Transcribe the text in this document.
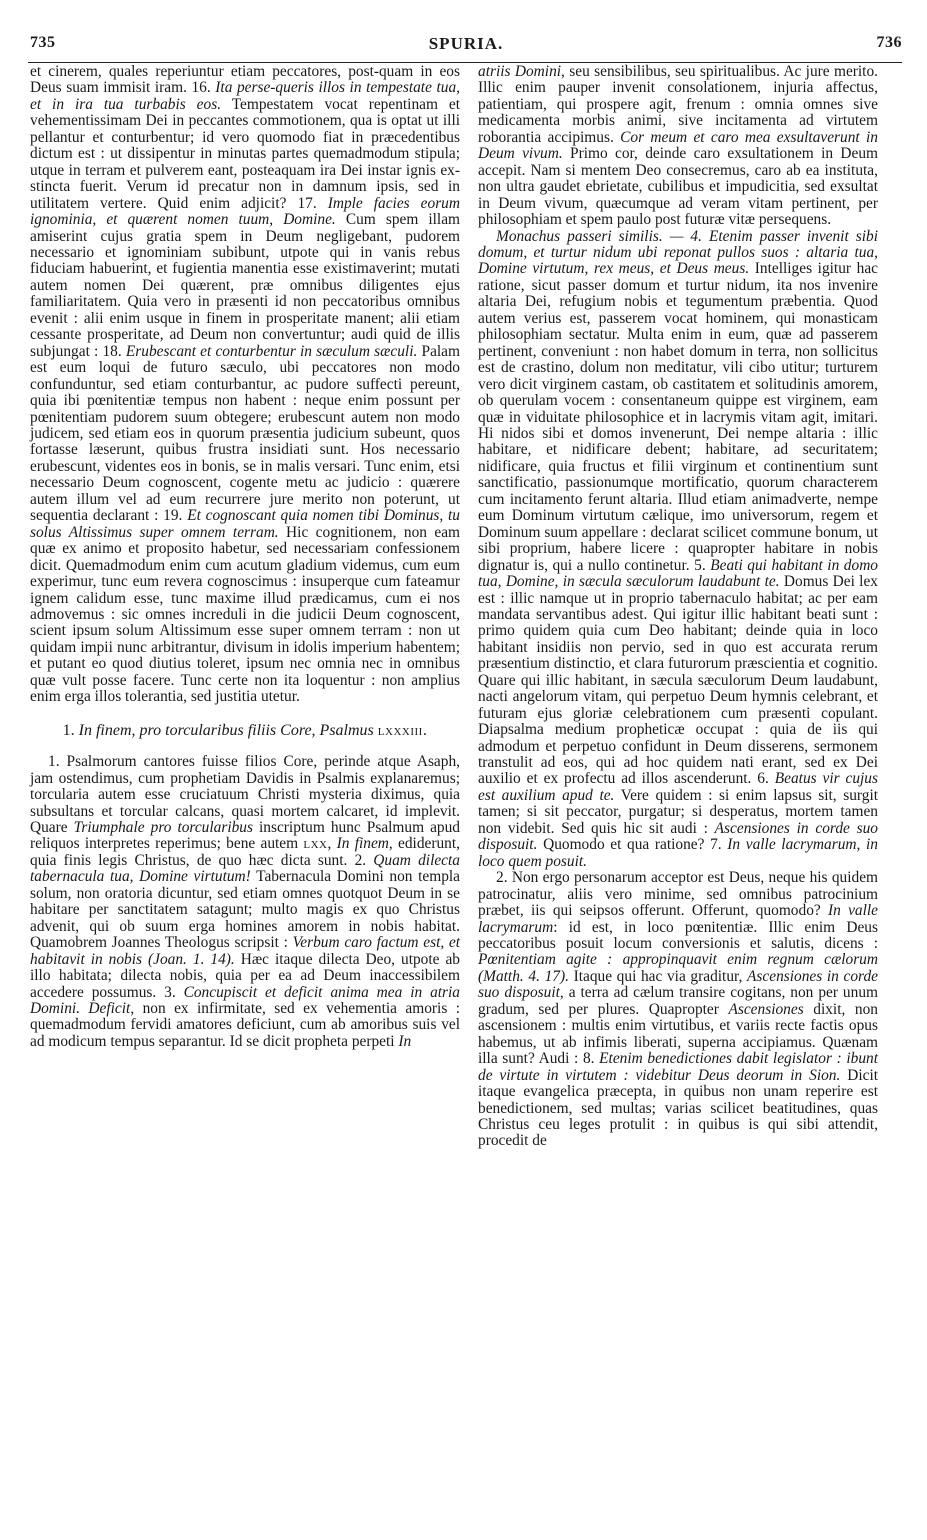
735	SPURIA.	736

et cinerem, quales reperiuntur etiam peccatores, post-quam in eos Deus suam immisit iram. 16. Ita perse-queris illos in tempestate tua, et in ira tua turbabis eos. Tempestatem vocat repentinam et vehementissimam Dei in peccantes commotionem, qua is optat ut illi pellantur et conturbentur; id vero quomodo fiat in præcedentibus dictum est : ut dissipentur in minutas partes quemadmodum stipula; utque in terram et pulverem eant, posteaquam ira Dei instar ignis ex-stincta fuerit. Verum id precatur non in damnum ipsis, sed in utilitatem vertere. Quid enim adjicit? 17. Imple facies eorum ignominia, et quærent nomen tuum, Domine. Cum spem illam amiserint cujus gratia spem in Deum negligebant, pudorem necessario et ignominiam subibunt, utpote qui in vanis rebus fiduciam habuerint, et fugientia manentia esse existimaverint; mutati autem nomen Dei quærent, præ omnibus diligentes ejus familiaritatem. Quia vero in præsenti id non peccatoribus omnibus evenit : alii enim usque in finem in prosperitate manent; alii etiam cessante prosperitate, ad Deum non convertuntur; audi quid de illis subjungat : 18. Erubescant et conturbentur in sæculum sæculi. Palam est eum loqui de futuro sæculo, ubi peccatores non modo confunduntur, sed etiam conturbantur, ac pudore suffecti pereunt, quia ibi pœnitentiæ tempus non habent : neque enim possunt per pœnitentiam pudorem suum obtegere; erubescunt autem non modo judicem, sed etiam eos in quorum præsentia judicium subeunt, quos fortasse læserunt, quibus frustra insidiati sunt. Hos necessario erubescunt, videntes eos in bonis, se in malis versari. Tunc enim, etsi necessario Deum cognoscent, cogente metu ac judicio : quærere autem illum vel ad eum recurrere jure merito non poterunt, ut sequentia declarant : 19. Et cognoscant quia nomen tibi Dominus, tu solus Altissimus super omnem terram. Hic cognitionem, non eam quæ ex animo et proposito habetur, sed necessariam confessionem dicit. Quemadmodum enim cum acutum gladium videmus, cum eum experimur, tunc eum revera cognoscimus : insuperque cum fateamur ignem calidum esse, tunc maxime illud prædicamus, cum ei nos admovemus : sic omnes increduli in die judicii Deum cognoscent, scient ipsum solum Altissimum esse super omnem terram : non ut quidam impii nunc arbitrantur, divisum in idolis imperium habentem; et putant eo quod diutius toleret, ipsum nec omnia nec in omnibus quæ vult posse facere. Tunc certe non ita loquentur : non amplius enim erga illos tolerantia, sed justitia utetur.

1. In finem, pro torcularibus filiis Core, Psalmus lxxxiii.

1. Psalmorum cantores fuisse filios Core, perinde atque Asaph, jam ostendimus, cum prophetiam Davidis in Psalmis explanaremus; torcularia autem esse cruciatuum Christi mysteria diximus, quia subsultans et torcular calcans, quasi mortem calcaret, id implevit. Quare Triumphale pro torcularibus inscriptum hunc Psalmum apud reliquos interpretes reperimus; bene autem lxx, In finem, ediderunt, quia finis legis Christus, de quo hæc dicta sunt. 2. Quam dilecta tabernacula tua, Domine virtutum! Tabernacula Domini non templa solum, non oratoria dicuntur, sed etiam omnes quotquot Deum in se habitare per sanctitatem satagunt; multo magis ex quo Christus advenit, qui ob suum erga homines amorem in nobis habitat. Quamobrem Joannes Theologus scripsit : Verbum caro factum est, et habitavit in nobis (Joan. 1. 14). Hæc itaque dilecta Deo, utpote ab illo habitata; dilecta nobis, quia per ea ad Deum inaccessibilem accedere possumus. 3. Concupiscit et deficit anima mea in atria Domini. Deficit, non ex infirmitate, sed ex vehementia amoris : quemadmodum fervidi amatores deficiunt, cum ab amoribus suis vel ad modicum tempus separantur. Id se dicit propheta perpeti In

atriis Domini, seu sensibilibus, seu spiritualibus. Ac jure merito. Illic enim pauper invenit consolationem, injuria affectus, patientiam, qui prospere agit, frenum : omnia omnes sive medicamenta morbis animi, sive incitamenta ad virtutem roborantia accipimus. Cor meum et caro mea exsultaverunt in Deum vivum. Primo cor, deinde caro exsultationem in Deum accepit. Nam si mentem Deo consecremus, caro ab ea instituta, non ultra gaudet ebrietate, cubilibus et impudicitia, sed exsultat in Deum vivum, quæcumque ad veram vitam pertinent, per philosophiam et spem paulo post futuræ vitæ persequens.

Monachus passeri similis. — 4. Etenim passer invenit sibi domum, et turtur nidum ubi reponat pullos suos : altaria tua, Domine virtutum, rex meus, et Deus meus. Intelliges igitur hac ratione, sicut passer domum et turtur nidum, ita nos invenire altaria Dei, refugium nobis et tegumentum præbentia. Quod autem verius est, passerem vocat hominem, qui monasticam philosophiam sectatur. Multa enim in eum, quæ ad passerem pertinent, conveniunt : non habet domum in terra, non sollicitus est de crastino, dolum non meditatur, vili cibo utitur; turturem vero dicit virginem castam, ob castitatem et solitudinis amorem, ob querulam vocem : consentaneum quippe est virginem, eam quæ in viduitate philosophice et in lacrymis vitam agit, imitari. Hi nidos sibi et domos invenerunt, Dei nempe altaria : illic habitare, et nidificare debent; habitare, ad securitatem; nidificare, quia fructus et filii virginum et continentium sunt sanctificatio, passionumque mortificatio, quorum characterem cum incitamento ferunt altaria. Illud etiam animadverte, nempe eum Dominum virtutum cælique, imo universorum, regem et Dominum suum appellare : declarat scilicet commune bonum, ut sibi proprium, habere licere : quapropter habitare in nobis dignatur is, qui a nullo continetur. 5. Beati qui habitant in domo tua, Domine, in sæcula sæculorum laudabunt te. Domus Dei lex est : illic namque ut in proprio tabernaculo habitat; ac per eam mandata servantibus adest. Qui igitur illic habitant beati sunt : primo quidem quia cum Deo habitant; deinde quia in loco habitant insidiis non pervio, sed in quo est accurata rerum præsentium distinctio, et clara futurorum præscientia et cognitio. Quare qui illic habitant, in sæcula sæculorum Deum laudabunt, nacti angelorum vitam, qui perpetuo Deum hymnis celebrant, et futuram ejus gloriæ celebrationem cum præsenti copulant. Diapsalma medium propheticæ occupat : quia de iis qui admodum et perpetuo confidunt in Deum disserens, sermonem transtulit ad eos, qui ad hoc quidem nati erant, sed ex Dei auxilio et ex profectu ad illos ascenderunt. 6. Beatus vir cujus est auxilium apud te. Vere quidem : si enim lapsus sit, surgit tamen; si sit peccator, purgatur; si desperatus, mortem tamen non videbit. Sed quis hic sit audi : Ascensiones in corde suo disposuit. Quomodo et qua ratione? 7. In valle lacrymarum, in loco quem posuit.

2. Non ergo personarum acceptor est Deus, neque his quidem patrocinatur, aliis vero minime, sed omnibus patrocinium præbet, iis qui seipsos offerunt. Offerunt, quomodo? In valle lacrymarum: id est, in loco pœnitentiæ. Illic enim Deus peccatoribus posuit locum conversionis et salutis, dicens : Pœnitentiam agite : appropinquavit enim regnum cælorum (Matth. 4. 17). Itaque qui hac via graditur, Ascensiones in corde suo disposuit, a terra ad cælum transire cogitans, non per unum gradum, sed per plures. Quapropter Ascensiones dixit, non ascensionem : multis enim virtutibus, et variis recte factis opus habemus, ut ab infimis liberati, superna accipiamus. Quænam illa sunt? Audi : 8. Etenim benedictiones dabit legislator : ibunt de virtute in virtutem : videbitur Deus deorum in Sion. Dicit itaque evangelica præcepta, in quibus non unam reperire est benedictionem, sed multas; varias scilicet beatitudines, quas Christus ceu leges protulit : in quibus is qui sibi attendit, procedit de
